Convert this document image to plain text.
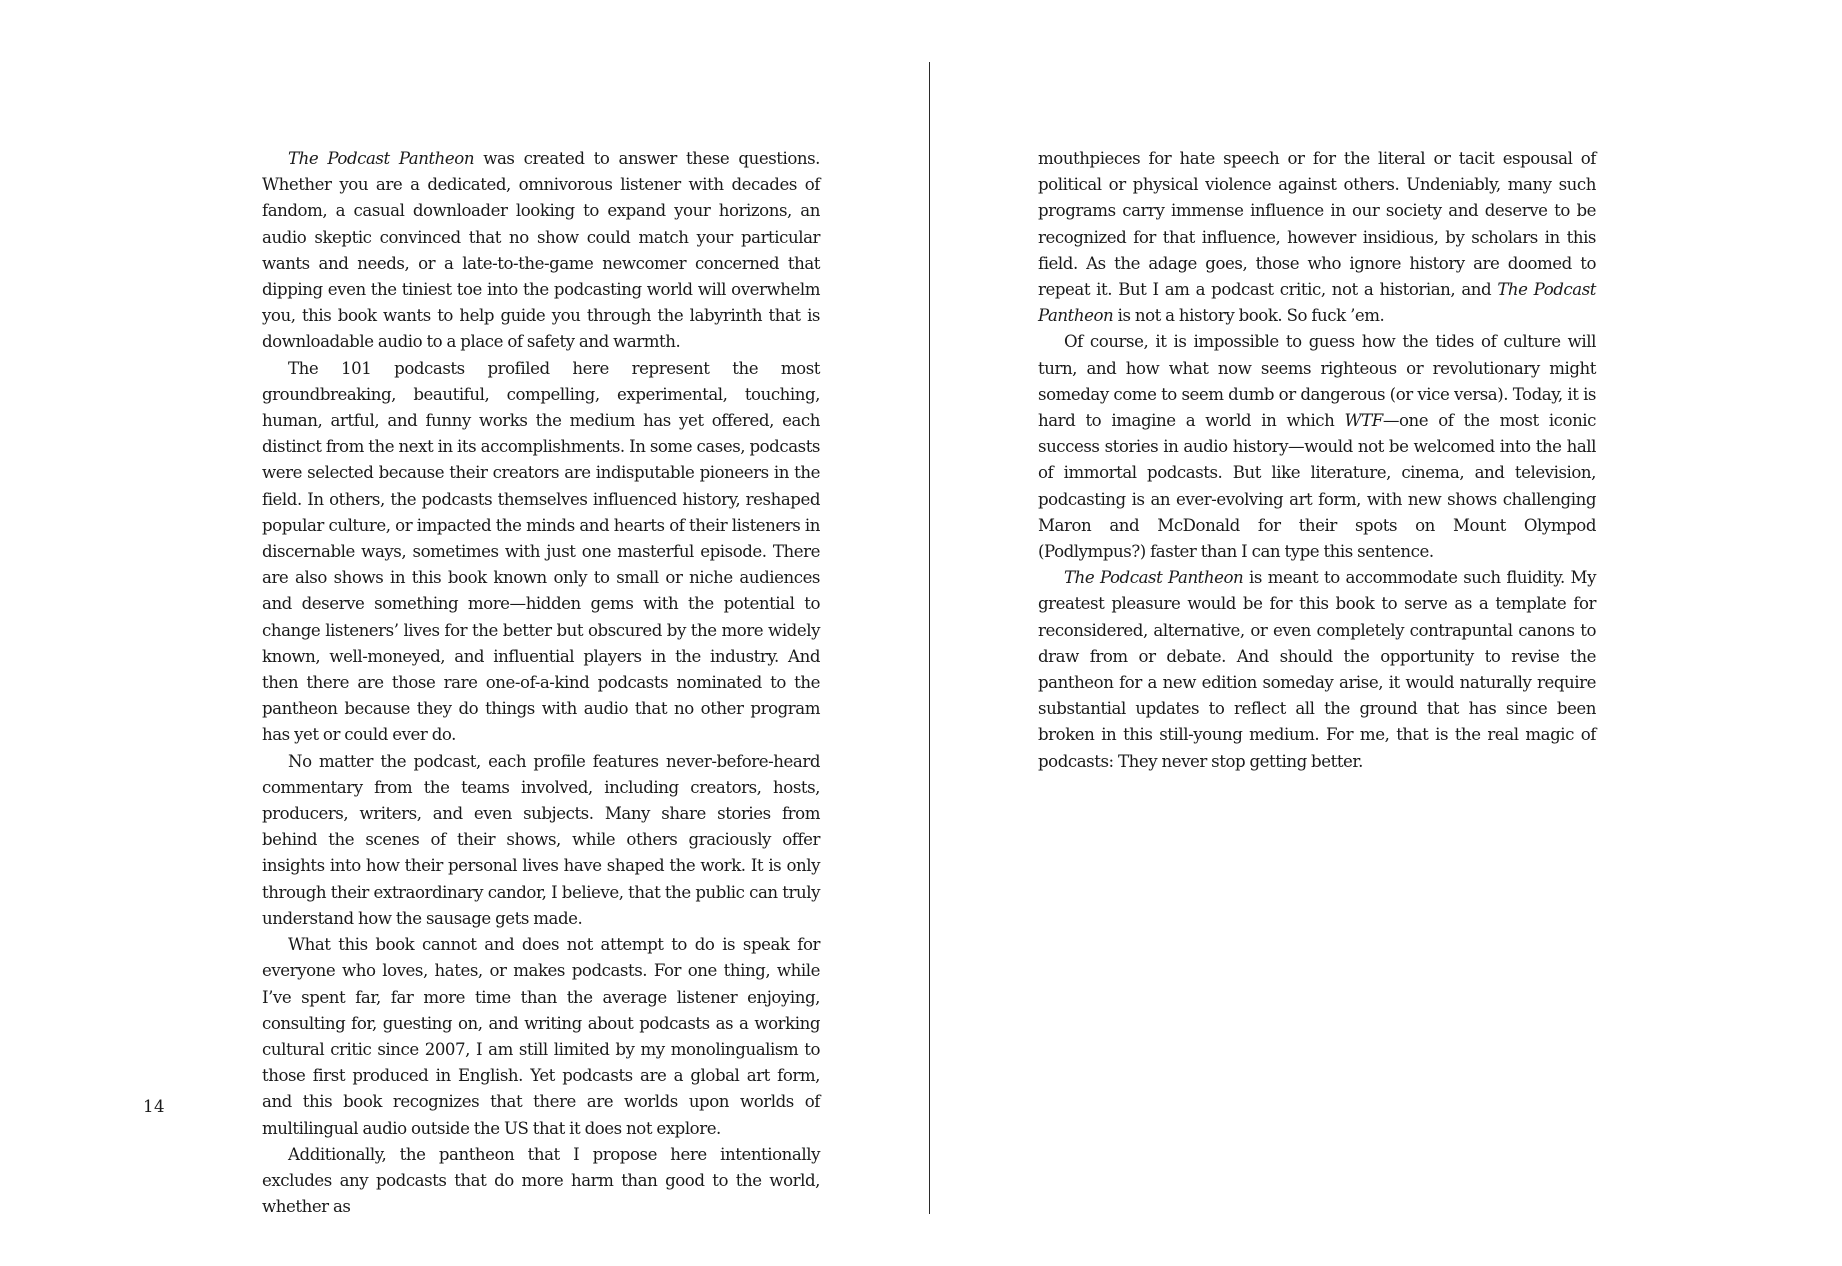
The Podcast Pantheon was created to answer these questions. Whether you are a dedicated, omnivorous listener with decades of fandom, a casual downloader looking to expand your horizons, an audio skeptic convinced that no show could match your particular wants and needs, or a late-to-the-game newcomer concerned that dipping even the tiniest toe into the podcasting world will overwhelm you, this book wants to help guide you through the labyrinth that is downloadable audio to a place of safety and warmth.

The 101 podcasts profiled here represent the most groundbreaking, beautiful, compelling, experimental, touching, human, artful, and funny works the medium has yet offered, each distinct from the next in its accomplishments. In some cases, podcasts were selected because their creators are indisputable pioneers in the field. In others, the podcasts themselves influenced history, reshaped popular culture, or impacted the minds and hearts of their listeners in discernable ways, sometimes with just one masterful episode. There are also shows in this book known only to small or niche audiences and deserve something more—hidden gems with the potential to change listeners’ lives for the better but obscured by the more widely known, well-moneyed, and influential players in the industry. And then there are those rare one-of-a-kind podcasts nominated to the pantheon because they do things with audio that no other program has yet or could ever do.

No matter the podcast, each profile features never-before-heard commentary from the teams involved, including creators, hosts, producers, writers, and even subjects. Many share stories from behind the scenes of their shows, while others graciously offer insights into how their personal lives have shaped the work. It is only through their extraordinary candor, I believe, that the public can truly understand how the sausage gets made.

What this book cannot and does not attempt to do is speak for everyone who loves, hates, or makes podcasts. For one thing, while I’ve spent far, far more time than the average listener enjoying, consulting for, guesting on, and writing about podcasts as a working cultural critic since 2007, I am still limited by my monolingualism to those first produced in English. Yet podcasts are a global art form, and this book recognizes that there are worlds upon worlds of multilingual audio outside the US that it does not explore.

Additionally, the pantheon that I propose here intentionally excludes any podcasts that do more harm than good to the world, whether as

14

mouthpieces for hate speech or for the literal or tacit espousal of political or physical violence against others. Undeniably, many such programs carry immense influence in our society and deserve to be recognized for that influence, however insidious, by scholars in this field. As the adage goes, those who ignore history are doomed to repeat it. But I am a podcast critic, not a historian, and The Podcast Pantheon is not a history book. So fuck ’em.

Of course, it is impossible to guess how the tides of culture will turn, and how what now seems righteous or revolutionary might someday come to seem dumb or dangerous (or vice versa). Today, it is hard to imagine a world in which WTF—one of the most iconic success stories in audio history—would not be welcomed into the hall of immortal podcasts. But like literature, cinema, and television, podcasting is an ever-evolving art form, with new shows challenging Maron and McDonald for their spots on Mount Olympod (Podlympus?) faster than I can type this sentence.

The Podcast Pantheon is meant to accommodate such fluidity. My greatest pleasure would be for this book to serve as a template for reconsidered, alternative, or even completely contrapuntal canons to draw from or debate. And should the opportunity to revise the pantheon for a new edition someday arise, it would naturally require substantial updates to reflect all the ground that has since been broken in this still-young medium. For me, that is the real magic of podcasts: They never stop getting better.
